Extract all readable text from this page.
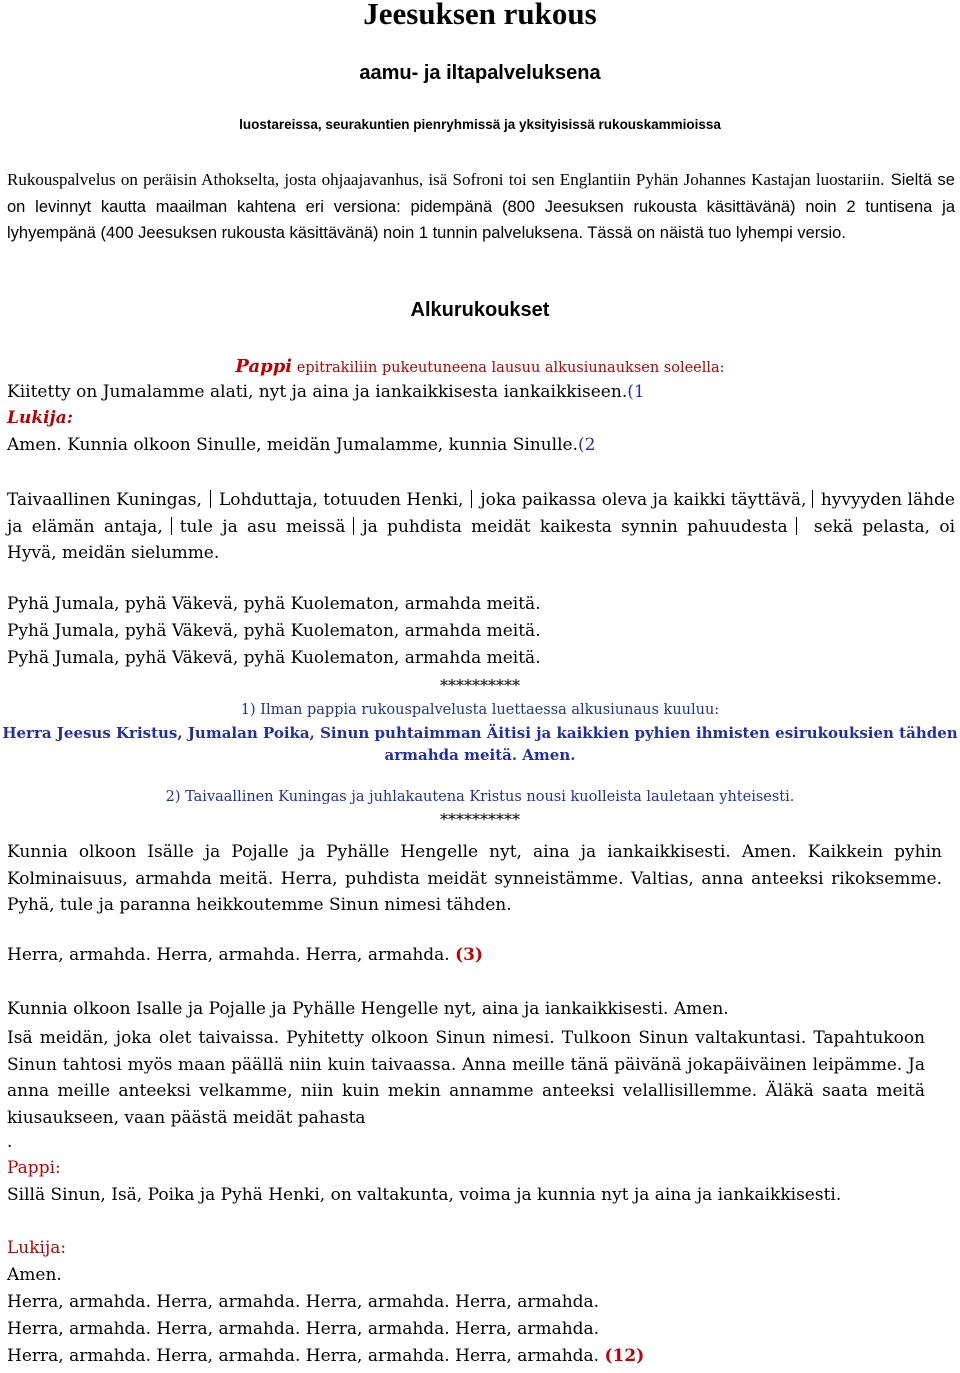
Jeesuksen rukous
aamu- ja iltapalveluksena
luostareissa, seurakuntien pienryhmissä ja yksityisissä rukouskammioissa
Rukouspalvelus on peräisin Athokselta, josta ohjaajavanhus, isä Sofroni toi sen Englantiin Pyhän Johannes Kastajan luostariin. Sieltä se on levinnyt kautta maailman kahtena eri versiona: pidempänä (800 Jeesuksen rukousta käsittävänä) noin 2 tuntisena ja lyhyempänä (400 Jeesuksen rukousta käsittävänä) noin 1 tunnin palveluksena. Tässä on näistä tuo lyhempi versio.
Alkurukoukset
Pappi epitrakiliin pukeutuneena lausuu alkusiunauksen soleella:
Kiitetty on Jumalamme alati, nyt ja aina ja iankaikkisesta iankaikkiseen.(1
Lukija:
Amen. Kunnia olkoon Sinulle, meidän Jumalamme, kunnia Sinulle.(2
Taivaallinen Kuningas, Lohduttaja, totuuden Henki, joka paikassa oleva ja kaikki täyttävä, hyvyyden lähde ja elämän antaja, tule ja asu meissä ja puhdista meidät kaikesta synnin pahuudesta sekä pelasta, oi Hyvä, meidän sielumme.
Pyhä Jumala, pyhä Väkevä, pyhä Kuolematon, armahda meitä.
Pyhä Jumala, pyhä Väkevä, pyhä Kuolematon, armahda meitä.
Pyhä Jumala, pyhä Väkevä, pyhä Kuolematon, armahda meitä.
**********
1) Ilman pappia rukouspalvelusta luettaessa alkusiunaus kuuluu:
Herra Jeesus Kristus, Jumalan Poika, Sinun puhtaimman Äitisi ja kaikkien pyhien ihmisten esirukouksien tähden
armahda meitä. Amen.
2) Taivaallinen Kuningas ja juhlakautena Kristus nousi kuolleista lauletaan yhteisesti.
**********
Kunnia olkoon Isälle ja Pojalle ja Pyhälle Hengelle nyt, aina ja iankaikkisesti. Amen. Kaikkein pyhin Kolminaisuus, armahda meitä. Herra, puhdista meidät synneistämme. Valtias, anna anteeksi rikoksemme. Pyhä, tule ja paranna heikkoutemme Sinun nimesi tähden.
Herra, armahda. Herra, armahda. Herra, armahda. (3)
Kunnia olkoon Isalle ja Pojalle ja Pyhälle Hengelle nyt, aina ja iankaikkisesti. Amen.
Isä meidän, joka olet taivaissa. Pyhitetty olkoon Sinun nimesi. Tulkoon Sinun valtakuntasi. Tapahtukoon Sinun tahtosi myös maan päällä niin kuin taivaassa. Anna meille tänä päivänä jokapäiväinen leipämme. Ja anna meille anteeksi velkamme, niin kuin mekin annamme anteeksi velallisillemme. Äläkä saata meitä kiusaukseen, vaan päästä meidät pahasta
.
Pappi:
Sillä Sinun, Isä, Poika ja Pyhä Henki, on valtakunta, voima ja kunnia nyt ja aina ja iankaikkisesti.
Lukija:
Amen.
Herra, armahda. Herra, armahda. Herra, armahda. Herra, armahda.
Herra, armahda. Herra, armahda. Herra, armahda. Herra, armahda.
Herra, armahda. Herra, armahda. Herra, armahda. Herra, armahda. (12)
